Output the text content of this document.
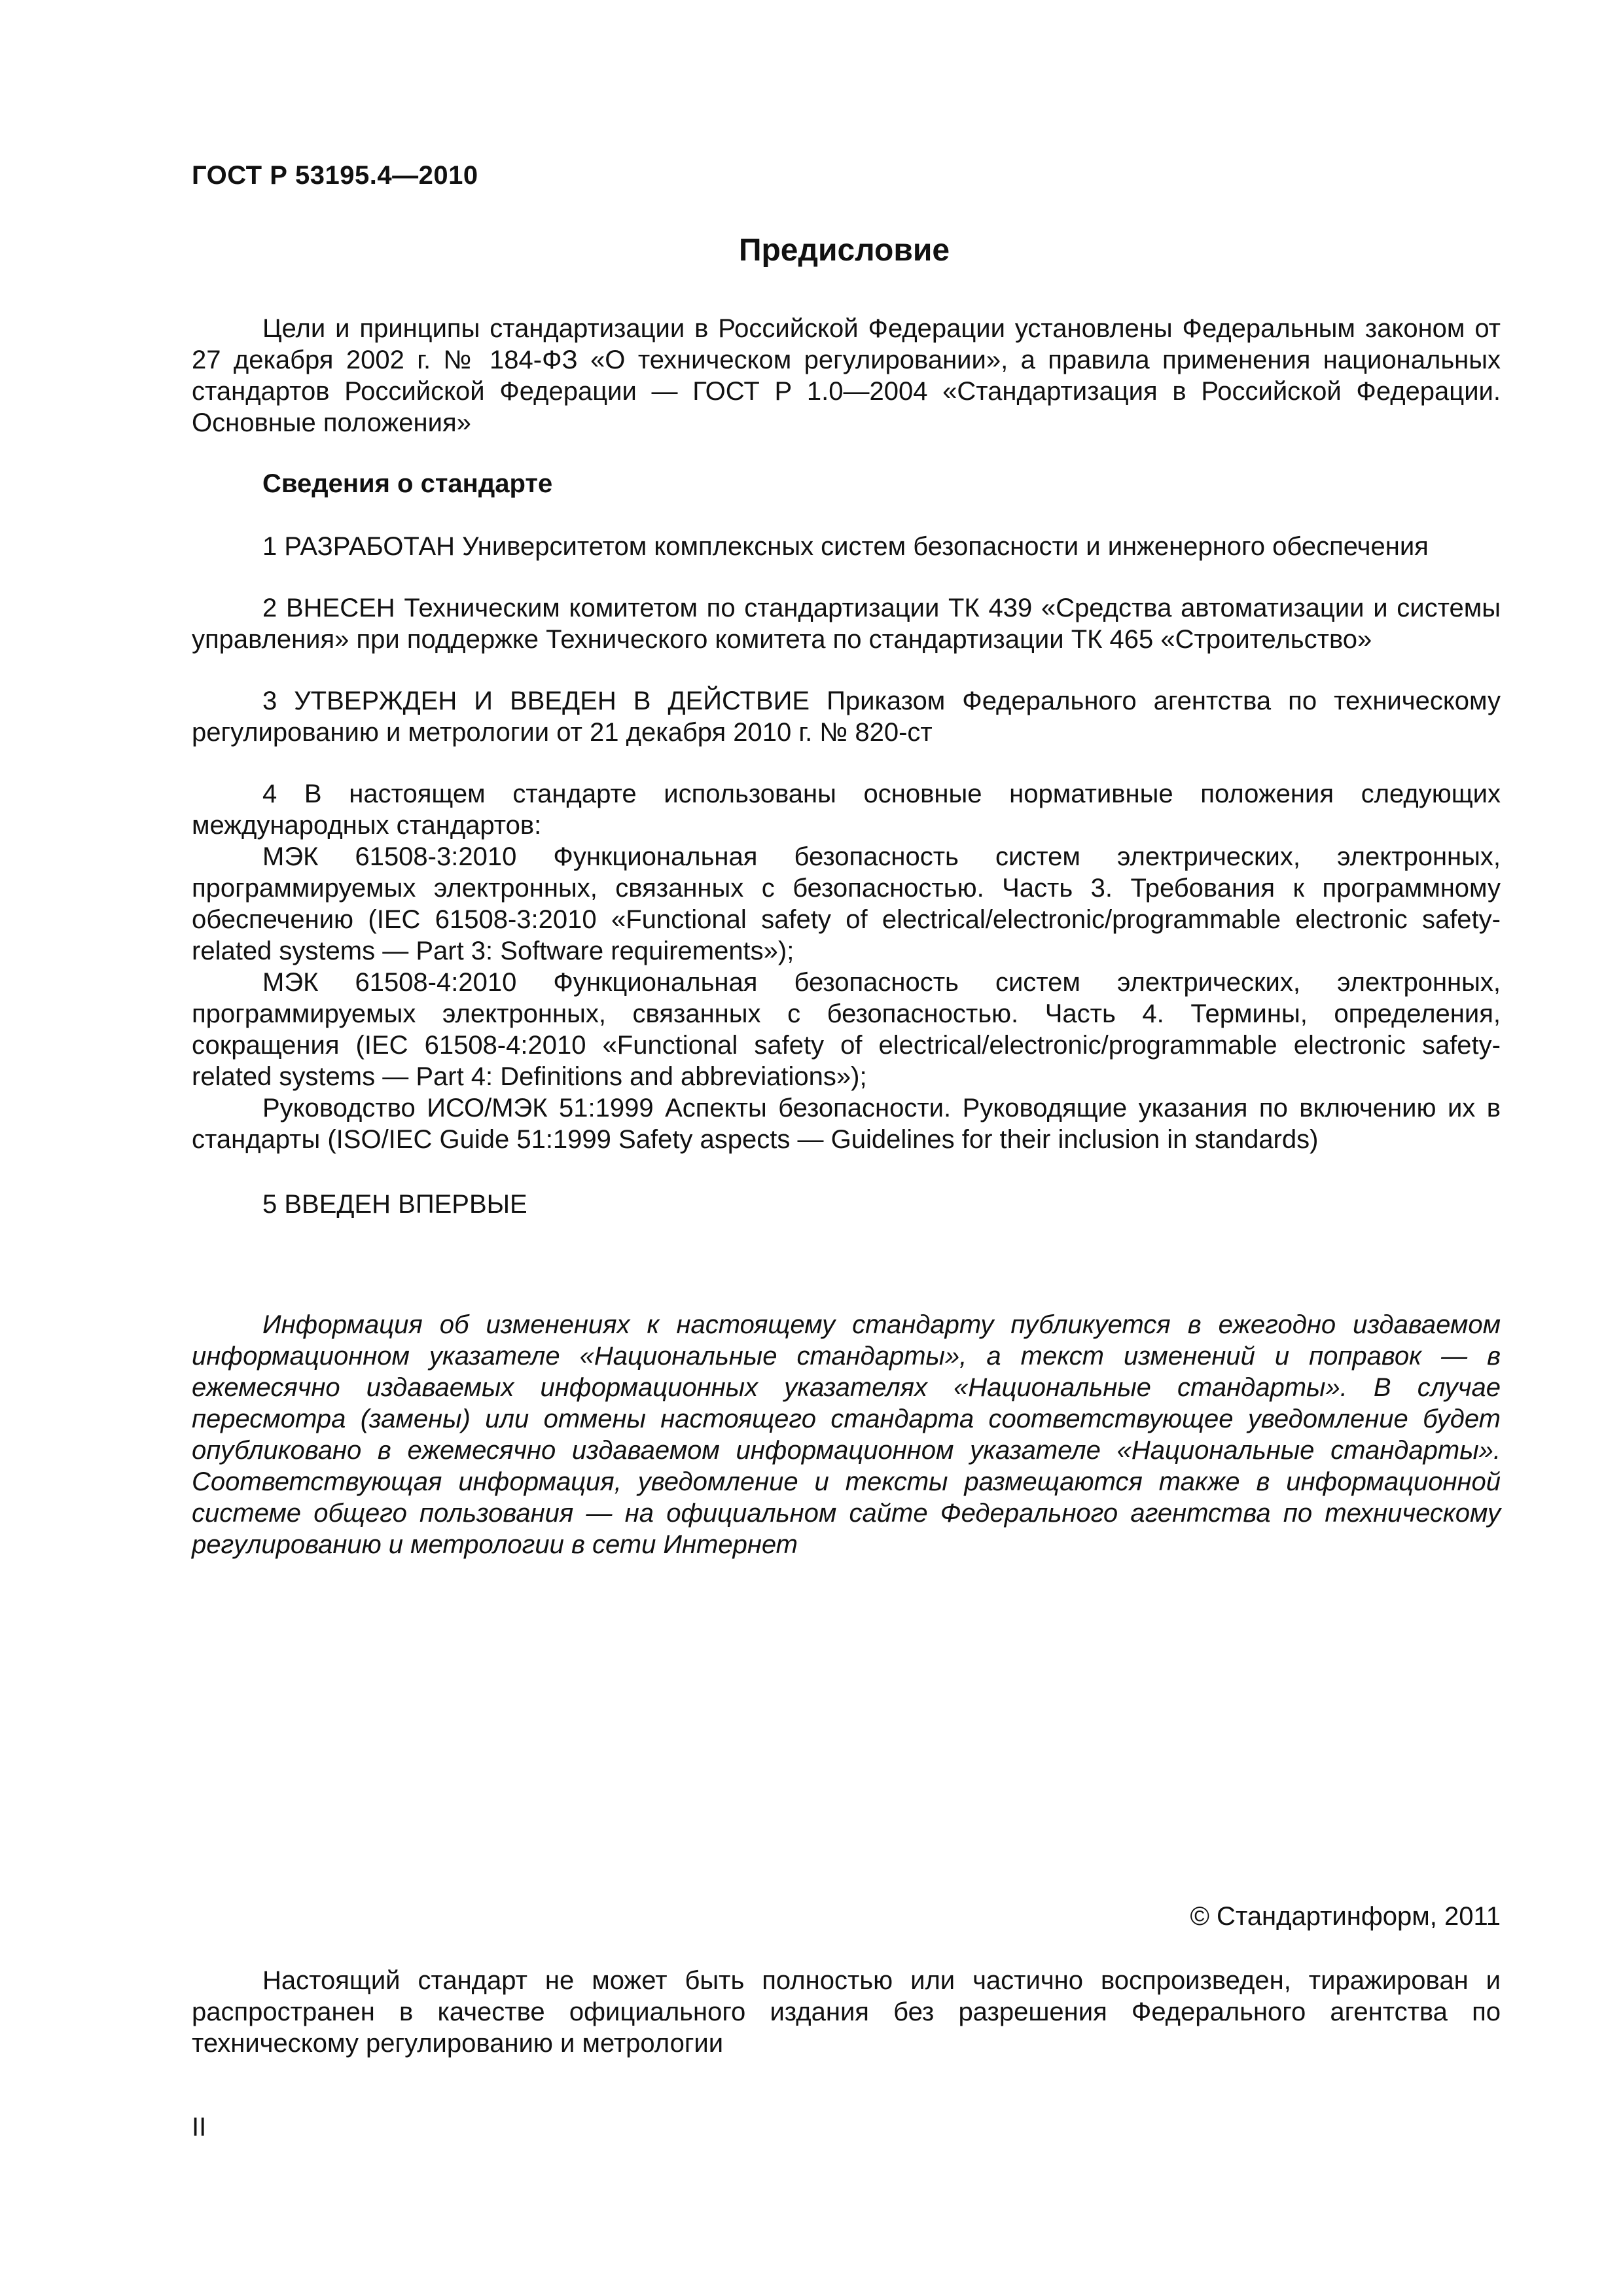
ГОСТ Р 53195.4—2010
Предисловие

Цели и принципы стандартизации в Российской Федерации установлены Федеральным законом от 27 декабря 2002 г. № 184-ФЗ «О техническом регулировании», а правила применения национальных стандартов Российской Федерации — ГОСТ Р 1.0—2004 «Стандартизация в Российской Федерации. Основные положения»

Сведения о стандарте

1 РАЗРАБОТАН Университетом комплексных систем безопасности и инженерного обеспечения

2 ВНЕСЕН Техническим комитетом по стандартизации ТК 439 «Средства автоматизации и системы управления» при поддержке Технического комитета по стандартизации ТК 465 «Строительство»

3 УТВЕРЖДЕН И ВВЕДЕН В ДЕЙСТВИЕ Приказом Федерального агентства по техническому регулированию и метрологии от 21 декабря 2010 г. № 820-ст

4 В настоящем стандарте использованы основные нормативные положения следующих международных стандартов:

МЭК 61508-3:2010 Функциональная безопасность систем электрических, электронных, программируемых электронных, связанных с безопасностью. Часть 3. Требования к программному обеспечению (IEC 61508-3:2010 «Functional safety of electrical/electronic/programmable electronic safety-related systems — Part 3: Software requirements»);

МЭК 61508-4:2010 Функциональная безопасность систем электрических, электронных, программируемых электронных, связанных с безопасностью. Часть 4. Термины, определения, сокращения (IEC 61508-4:2010 «Functional safety of electrical/electronic/programmable electronic safety-related systems — Part 4: Definitions and abbreviations»);

Руководство ИСО/МЭК 51:1999 Аспекты безопасности. Руководящие указания по включению их в стандарты (ISO/IEC Guide 51:1999 Safety aspects — Guidelines for their inclusion in standards)

5 ВВЕДЕН ВПЕРВЫЕ

Информация об изменениях к настоящему стандарту публикуется в ежегодно издаваемом информационном указателе «Национальные стандарты», а текст изменений и поправок — в ежемесячно издаваемых информационных указателях «Национальные стандарты». В случае пересмотра (замены) или отмены настоящего стандарта соответствующее уведомление будет опубликовано в ежемесячно издаваемом информационном указателе «Национальные стандарты». Соответствующая информация, уведомление и тексты размещаются также в информационной системе общего пользования — на официальном сайте Федерального агентства по техническому регулированию и метрологии в сети Интернет

© Стандартинформ, 2011

Настоящий стандарт не может быть полностью или частично воспроизведен, тиражирован и распространен в качестве официального издания без разрешения Федерального агентства по техническому регулированию и метрологии

II
